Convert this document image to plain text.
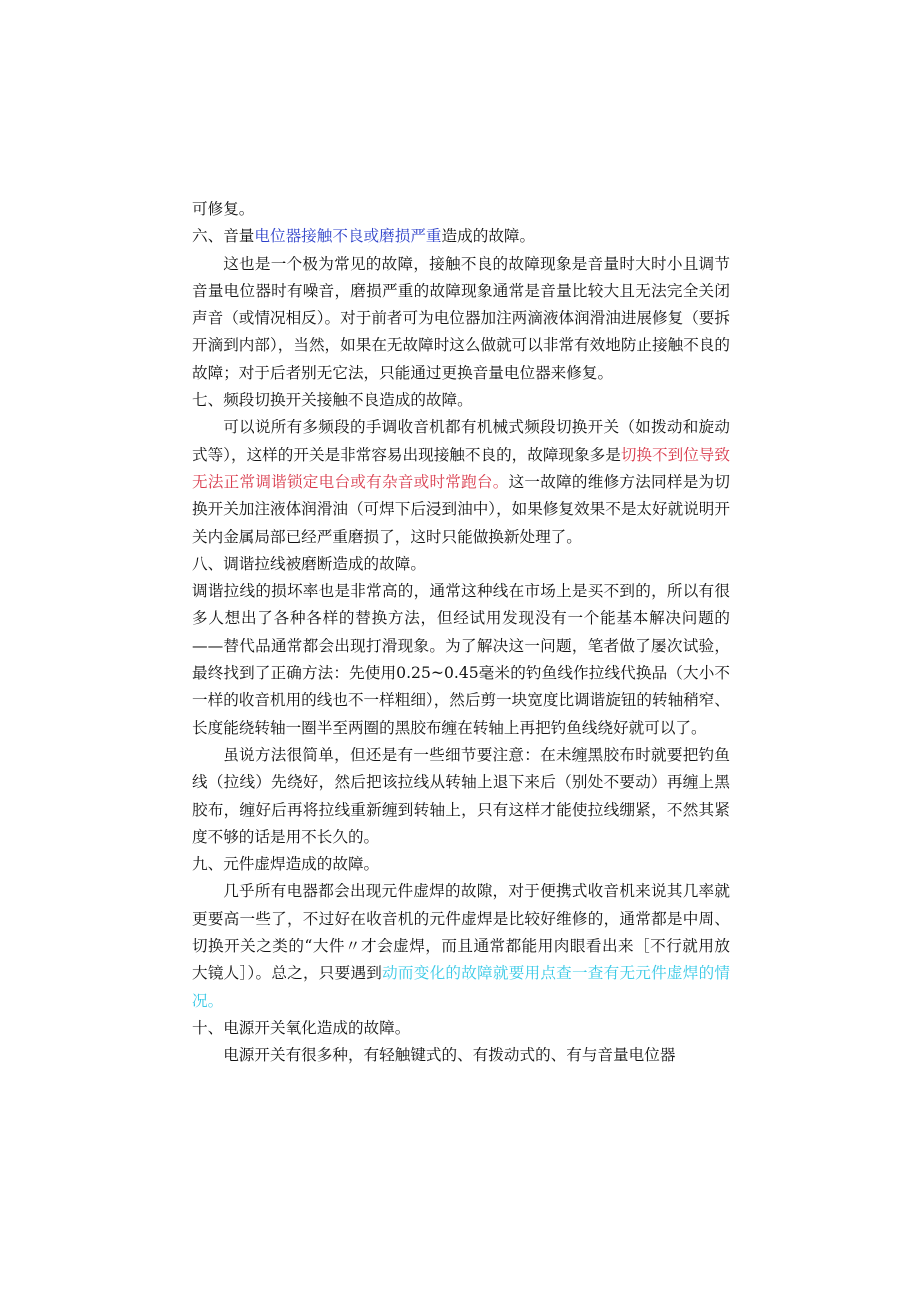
可修复。

六、音量电位器接触不良或磨损严重造成的故障。

这也是一个极为常见的故障，接触不良的故障现象是音量时大时小且调节音量电位器时有噪音，磨损严重的故障现象通常是音量比较大且无法完全关闭声音（或情况相反）。对于前者可为电位器加注两滴液体润滑油进展修复（要拆开滴到内部），当然，如果在无故障时这么做就可以非常有效地防止接触不良的故障；对于后者别无它法，只能通过更换音量电位器来修复。

七、频段切换开关接触不良造成的故障。

可以说所有多频段的手调收音机都有机械式频段切换开关（如拨动和旋动式等），这样的开关是非常容易出现接触不良的，故障现象多是切换不到位导致无法正常调谐锁定电台或有杂音或时常跑台。这一故障的维修方法同样是为切换开关加注液体润滑油（可焊下后浸到油中），如果修复效果不是太好就说明开关内金属局部已经严重磨损了，这时只能做换新处理了。

八、调谐拉线被磨断造成的故障。

调谐拉线的损坏率也是非常高的，通常这种线在市场上是买不到的，所以有很多人想出了各种各样的替换方法，但经试用发现没有一个能基本解决问题的——替代品通常都会出现打滑现象。为了解决这一问题，笔者做了屡次试验，最终找到了正确方法：先使用0.25~0.45毫米的钓鱼线作拉线代换品（大小不一样的收音机用的线也不一样粗细），然后剪一块宽度比调谐旋钮的转轴稍窄、长度能绕转轴一圈半至两圈的黑胶布缠在转轴上再把钓鱼线绕好就可以了。

虽说方法很简单，但还是有一些细节要注意：在未缠黑胶布时就要把钓鱼线（拉线）先绕好，然后把该拉线从转轴上退下来后（别处不要动）再缠上黑胶布，缠好后再将拉线重新缠到转轴上，只有这样才能使拉线绷紧，不然其紧度不够的话是用不长久的。

九、元件虚焊造成的故障。

几乎所有电器都会出现元件虚焊的故隙，对于便携式收音机来说其几率就更要高一些了，不过好在收音机的元件虚焊是比较好维修的，通常都是中周、切换开关之类的“大件〃才会虚焊，而且通常都能用肉眼看出来［不行就用放大镜人］）。总之，只要遇到动而变化的故障就要用点查一查有无元件虚焊的情况。

十、电源开关氧化造成的故障。

电源开关有很多种，有轻触键式的、有拨动式的、有与音量电位器
